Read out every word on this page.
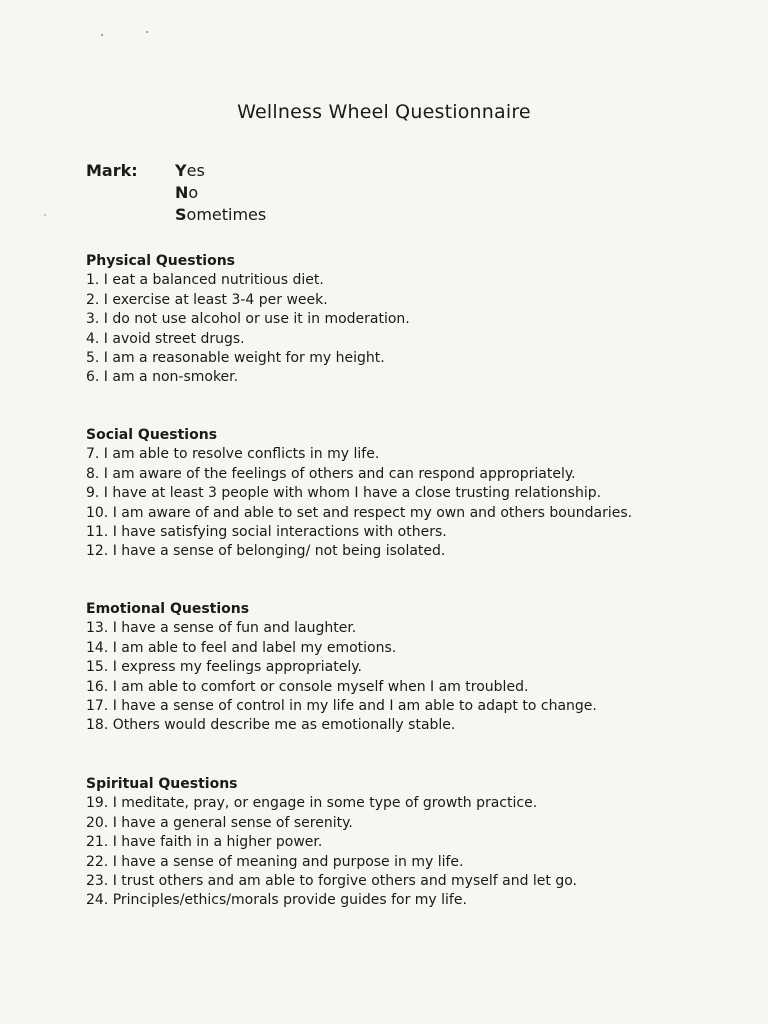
Wellness Wheel Questionnaire
Mark: Yes
No
Sometimes
Physical Questions
1. I eat a balanced nutritious diet.
2. I exercise at least 3-4 per week.
3. I do not use alcohol or use it in moderation.
4. I avoid street drugs.
5. I am a reasonable weight for my height.
6. I am a non-smoker.
Social Questions
7. I am able to resolve conflicts in my life.
8. I am aware of the feelings of others and can respond appropriately.
9. I have at least 3 people with whom I have a close trusting relationship.
10. I am aware of and able to set and respect my own and others boundaries.
11. I have satisfying social interactions with others.
12. I have a sense of belonging/ not being isolated.
Emotional Questions
13. I have a sense of fun and laughter.
14. I am able to feel and label my emotions.
15. I express my feelings appropriately.
16. I am able to comfort or console myself when I am troubled.
17. I have a sense of control in my life and I am able to adapt to change.
18. Others would describe me as emotionally stable.
Spiritual Questions
19. I meditate, pray, or engage in some type of growth practice.
20. I have a general sense of serenity.
21. I have faith in a higher power.
22. I have a sense of meaning and purpose in my life.
23. I trust others and am able to forgive others and myself and let go.
24. Principles/ethics/morals provide guides for my life.
